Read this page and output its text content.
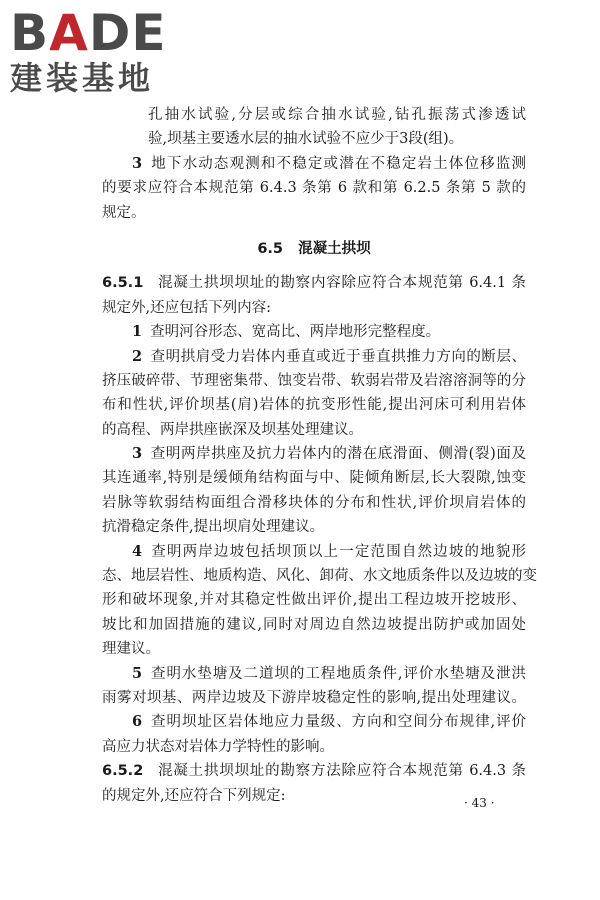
BADE
建装基地
孔抽水试验,分层或综合抽水试验,钻孔振荡式渗透试
验,坝基主要透水层的抽水试验不应少于3段(组)。
3 地下水动态观测和不稳定或潜在不稳定岩土体位移监测
的要求应符合本规范第 6.4.3 条第 6 款和第 6.2.5 条第 5 款的
规定。
6.5 混凝土拱坝
6.5.1 混凝土拱坝坝址的勘察内容除应符合本规范第 6.4.1 条
规定外,还应包括下列内容:
1 查明河谷形态、宽高比、两岸地形完整程度。
2 查明拱肩受力岩体内垂直或近于垂直拱推力方向的断层、
挤压破碎带、节理密集带、蚀变岩带、软弱岩带及岩溶溶洞等的分
布和性状,评价坝基(肩)岩体的抗变形性能,提出河床可利用岩体
的高程、两岸拱座嵌深及坝基处理建议。
3 查明两岸拱座及抗力岩体内的潜在底滑面、侧滑(裂)面及
其连通率,特别是缓倾角结构面与中、陡倾角断层,长大裂隙,蚀变
岩脉等软弱结构面组合滑移块体的分布和性状,评价坝肩岩体的
抗滑稳定条件,提出坝肩处理建议。
4 查明两岸边坡包括坝顶以上一定范围自然边坡的地貌形
态、地层岩性、地质构造、风化、卸荷、水文地质条件以及边坡的变
形和破坏现象,并对其稳定性做出评价,提出工程边坡开挖坡形、
坡比和加固措施的建议,同时对周边自然边坡提出防护或加固处
理建议。
5 查明水垫塘及二道坝的工程地质条件,评价水垫塘及泄洪
雨雾对坝基、两岸边坡及下游岸坡稳定性的影响,提出处理建议。
6 查明坝址区岩体地应力量级、方向和空间分布规律,评价
高应力状态对岩体力学特性的影响。
6.5.2 混凝土拱坝坝址的勘察方法除应符合本规范第 6.4.3 条
的规定外,还应符合下列规定:	· 43 ·
